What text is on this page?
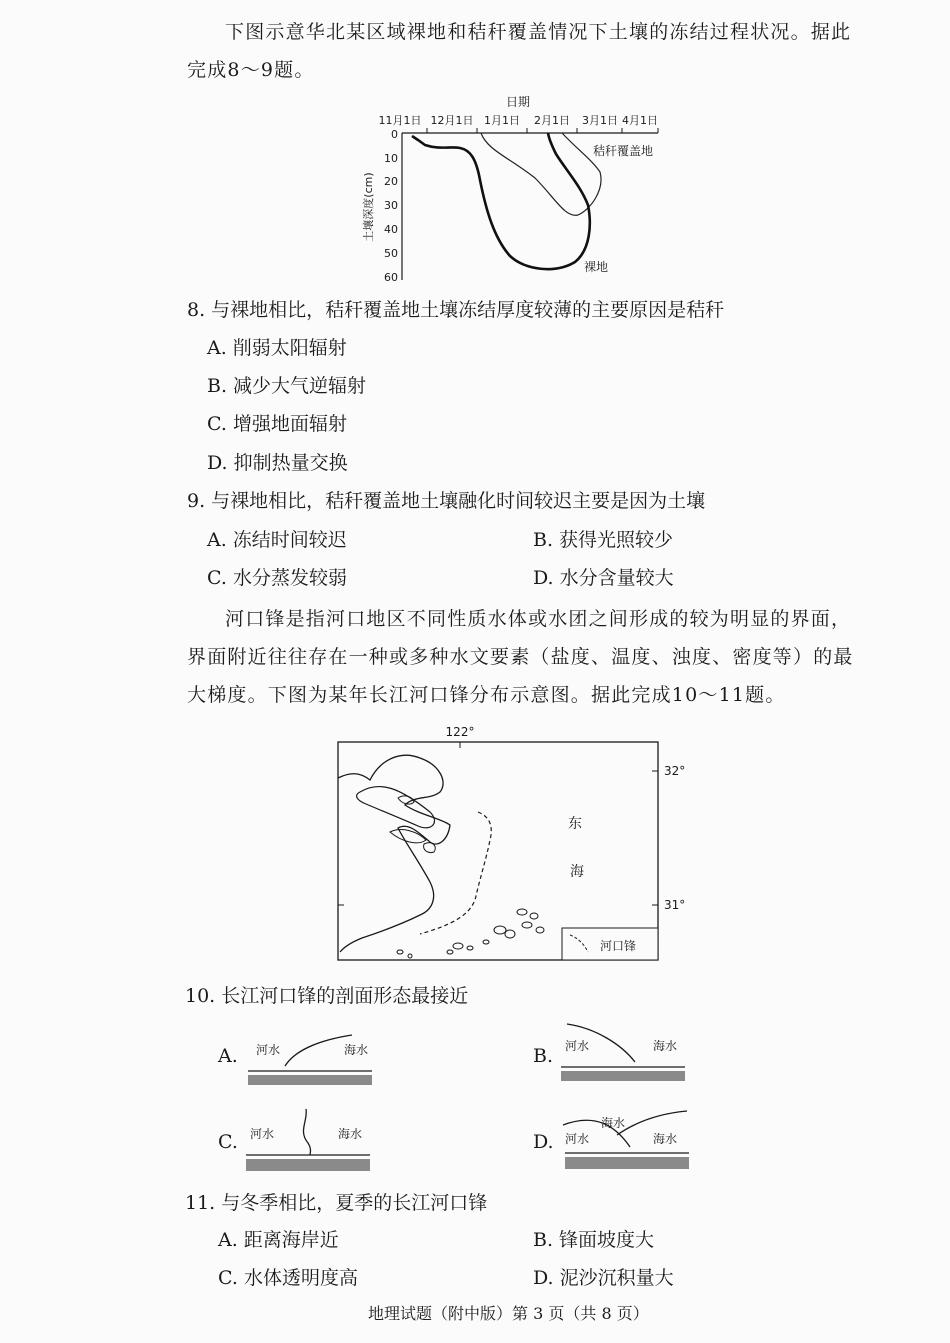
下图示意华北某区域裸地和秸秆覆盖情况下土壤的冻结过程状况。据此完成8～9题。
日期
11月1日 12月1日 1月1日 2月1日 3月1日 4月1日
0
10
20
30
40
50
60
土壤深度(cm)
秸秆覆盖地
裸地
8. 与裸地相比，秸秆覆盖地土壤冻结厚度较薄的主要原因是秸秆
A. 削弱太阳辐射
B. 减少大气逆辐射
C. 增强地面辐射
D. 抑制热量交换
9. 与裸地相比，秸秆覆盖地土壤融化时间较迟主要是因为土壤
A. 冻结时间较迟	B. 获得光照较少
C. 水分蒸发较弱	D. 水分含量较大
河口锋是指河口地区不同性质水体或水团之间形成的较为明显的界面，界面附近往往存在一种或多种水文要素（盐度、温度、浊度、密度等）的最大梯度。下图为某年长江河口锋分布示意图。据此完成10～11题。
122°
32°
31°
东
海
河口锋
10. 长江河口锋的剖面形态最接近
A. 河水	海水	B. 河水	海水
C. 河水	海水	D.
海水
河水	海水
11. 与冬季相比，夏季的长江河口锋
A. 距离海岸近	B. 锋面坡度大
C. 水体透明度高	D. 泥沙沉积量大
地理试题（附中版）第 3 页（共 8 页）
